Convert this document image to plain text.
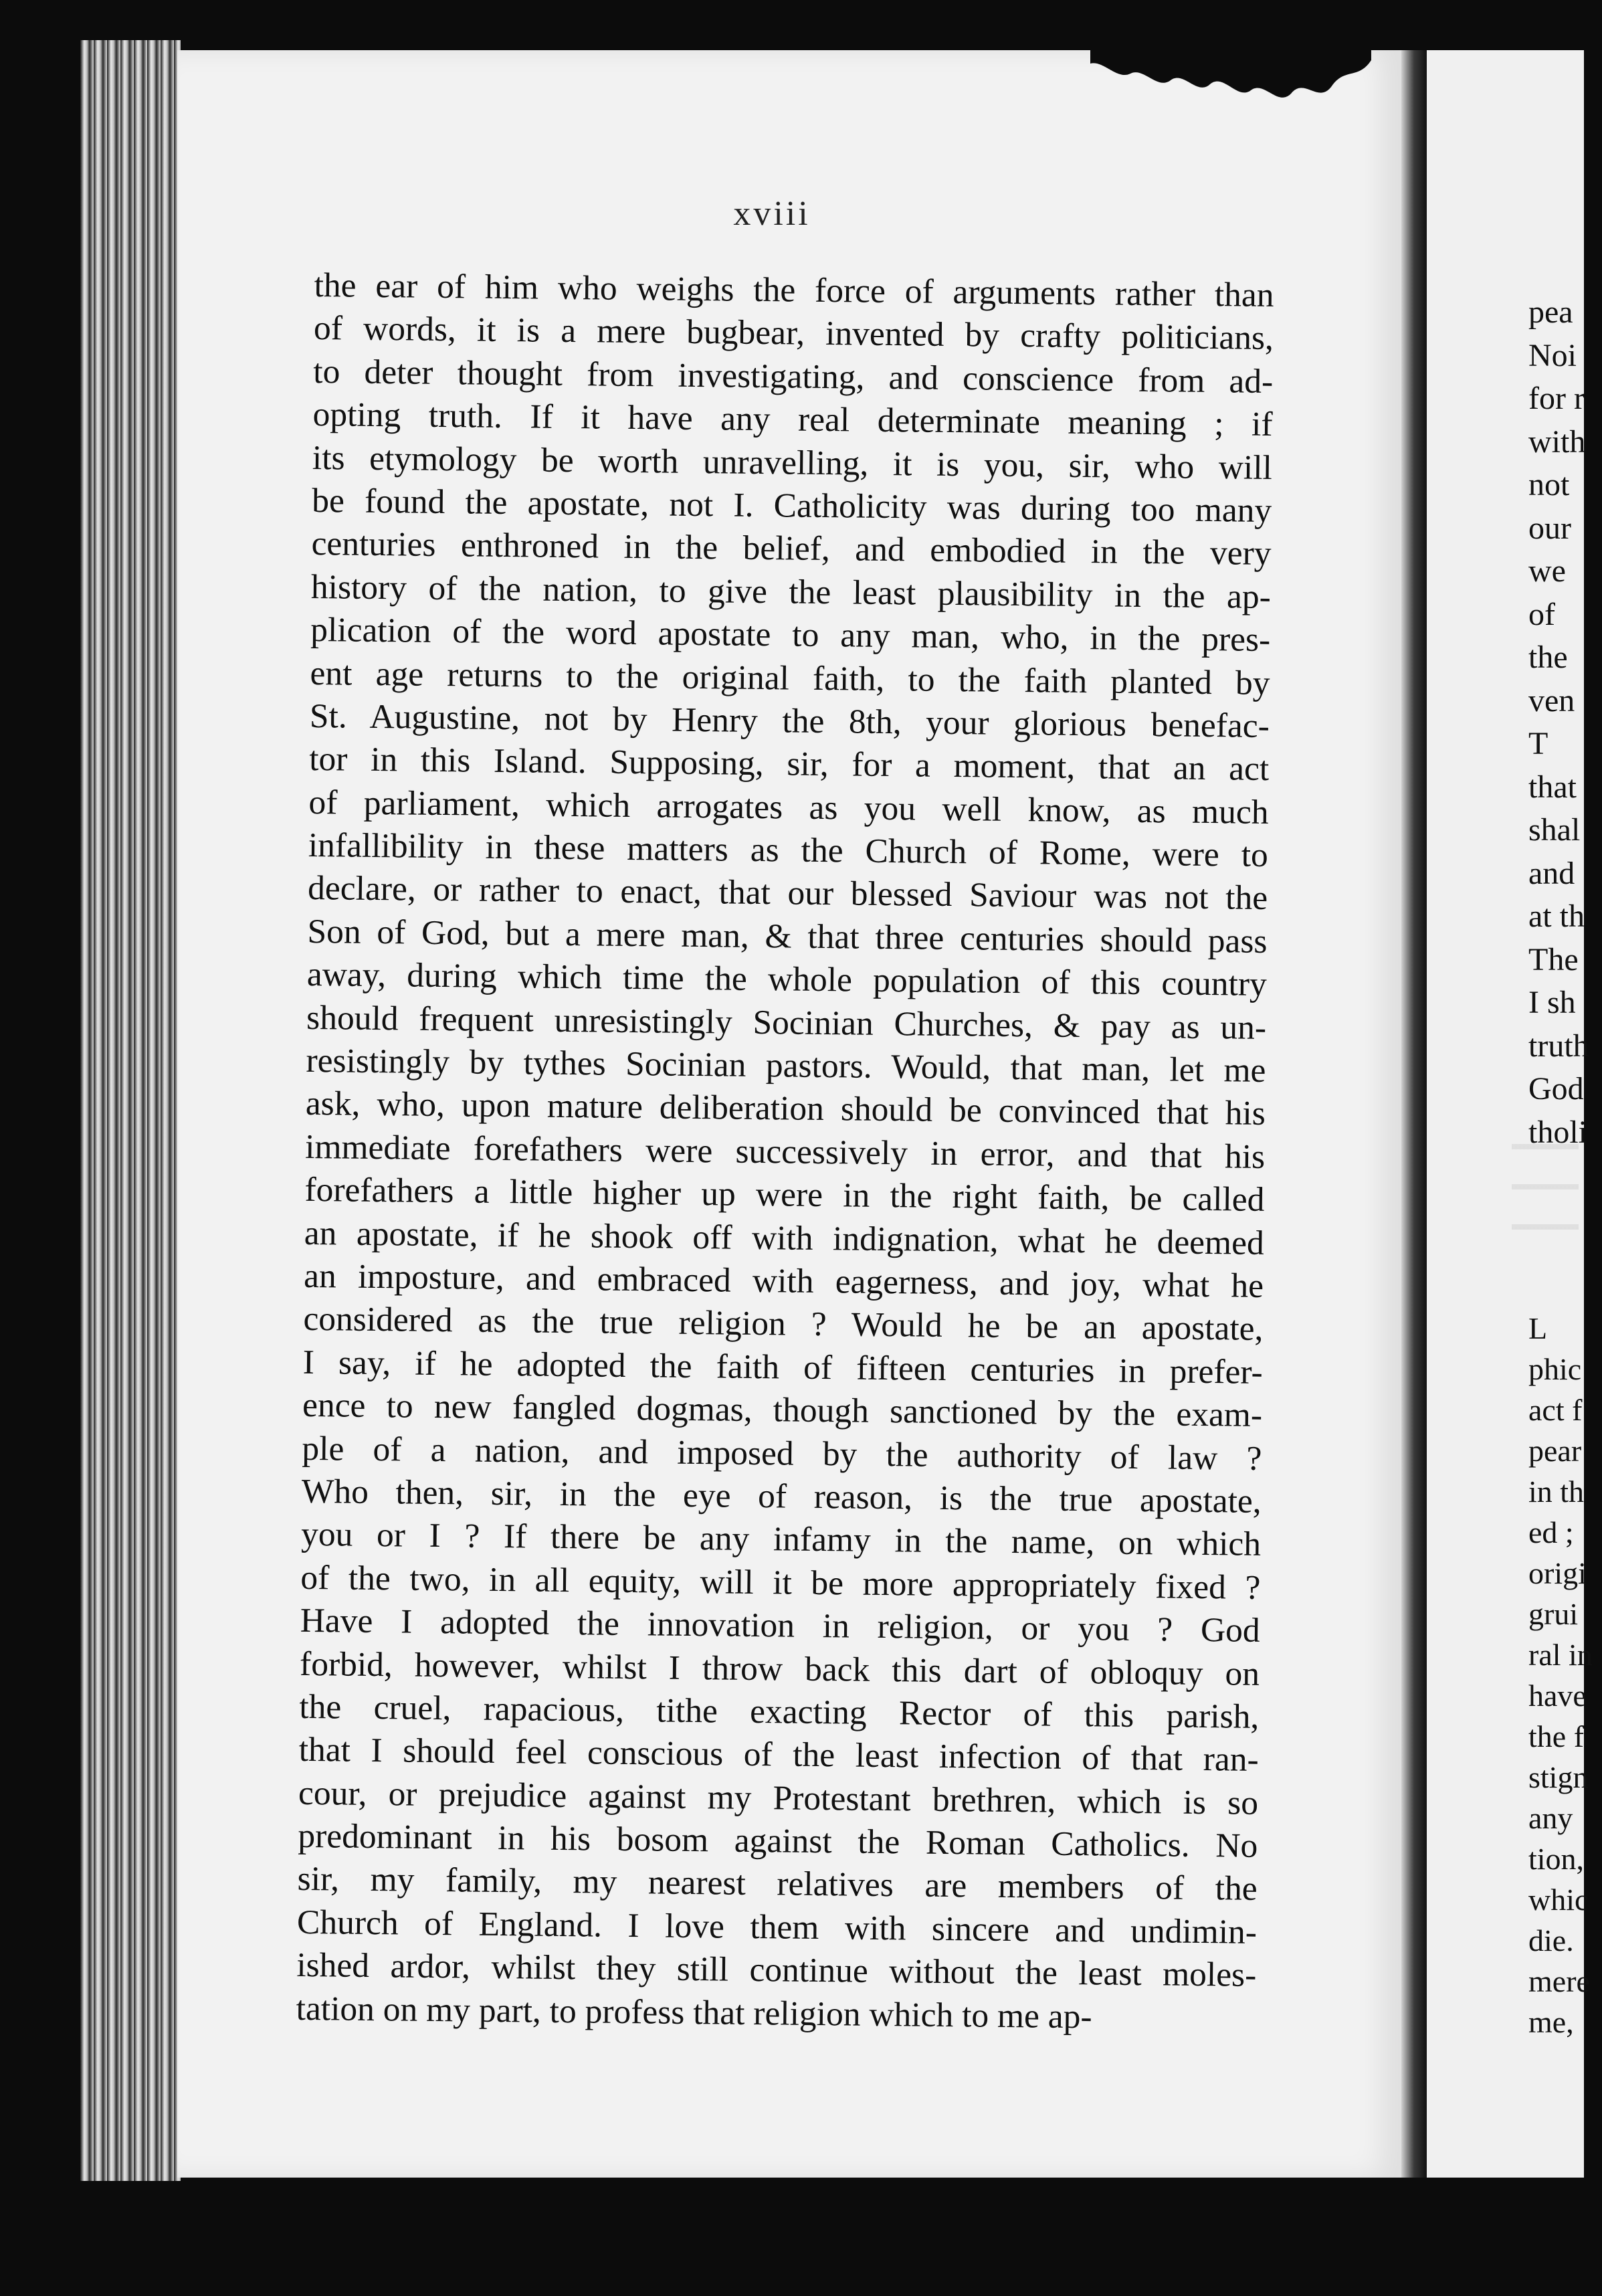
xviii
the ear of him who weighs the force of arguments rather than
of words, it is a mere bugbear, invented by crafty politicians,
to deter thought from investigating, and conscience from ad-
opting truth. If it have any real determinate meaning ; if
its etymology be worth unravelling, it is you, sir, who will
be found the apostate, not I. Catholicity was during too many
centuries enthroned in the belief, and embodied in the very
history of the nation, to give the least plausibility in the ap-
plication of the word apostate to any man, who, in the pres-
ent age returns to the original faith, to the faith planted by
St. Augustine, not by Henry the 8th, your glorious benefac-
tor in this Island. Supposing, sir, for a moment, that an act
of parliament, which arrogates as you well know, as much
infallibility in these matters as the Church of Rome, were to
declare, or rather to enact, that our blessed Saviour was not the
Son of God, but a mere man, & that three centuries should pass
away, during which time the whole population of this country
should frequent unresistingly Socinian Churches, & pay as un-
resistingly by tythes Socinian pastors. Would, that man, let me
ask, who, upon mature deliberation should be convinced that his
immediate forefathers were successively in error, and that his
forefathers a little higher up were in the right faith, be called
an apostate, if he shook off with indignation, what he deemed
an imposture, and embraced with eagerness, and joy, what he
considered as the true religion ? Would he be an apostate,
I say, if he adopted the faith of fifteen centuries in prefer-
ence to new fangled dogmas, though sanctioned by the exam-
ple of a nation, and imposed by the authority of law ?
Who then, sir, in the eye of reason, is the true apostate,
you or I ? If there be any infamy in the name, on which
of the two, in all equity, will it be more appropriately fixed ?
Have I adopted the innovation in religion, or you ? God
forbid, however, whilst I throw back this dart of obloquy on
the cruel, rapacious, tithe exacting Rector of this parish,
that I should feel conscious of the least infection of that ran-
cour, or prejudice against my Protestant brethren, which is so
predominant in his bosom against the Roman Catholics. No
sir, my family, my nearest relatives are members of the
Church of England. I love them with sincere and undimin-
ished ardor, whilst they still continue without the least moles-
tation on my part, to profess that religion which to me ap-
pea
Noi
for r
with
not
our
we
of
the
ven
T
that
shal
and
at th
The
I sh
truth
God
tholi
L
phic
act f
pear
in th
ed ;
origi
grui
ral in
have
the f
stign
any
tion,
whic
die.
mere
me,
